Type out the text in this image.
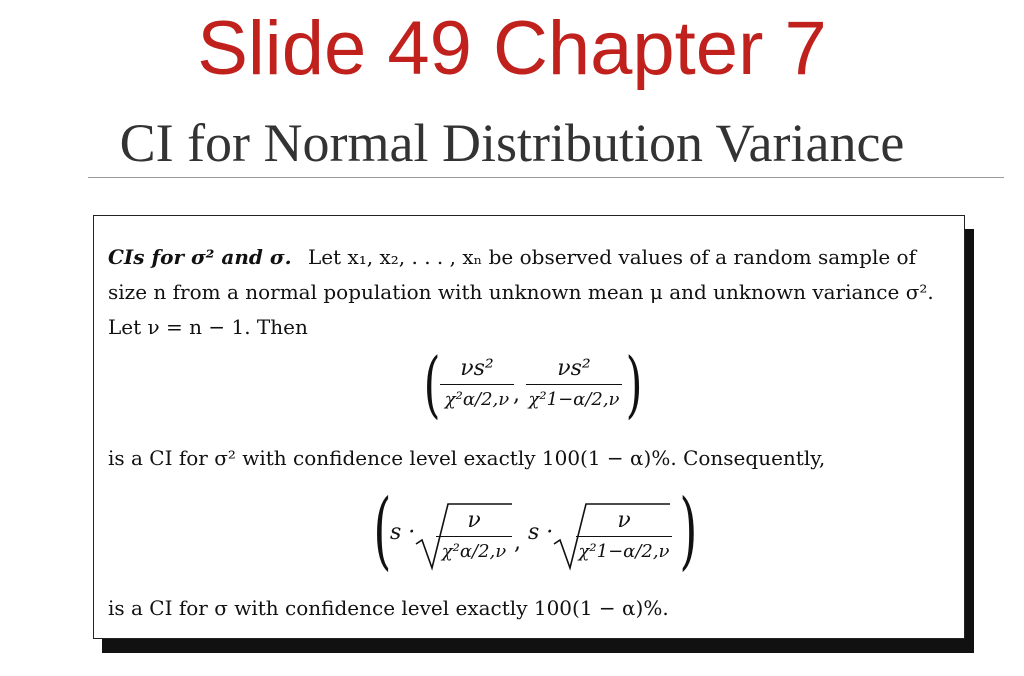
Slide 49 Chapter 7
CI for Normal Distribution Variance
CIs for σ² and σ. Let x₁, x₂, . . . , xₙ be observed values of a random sample of
size n from a normal population with unknown mean μ and unknown variance σ².
Let ν = n − 1. Then
( νs²
χ²α/2,ν ,
νs²
χ²1−α/2,ν )
is a CI for σ² with confidence level exactly 100(1 − α)%. Consequently,
(
s ·	ν
χ²α/2,ν , s ·	ν
χ²1−α/2,ν )
is a CI for σ with confidence level exactly 100(1 − α)%.
